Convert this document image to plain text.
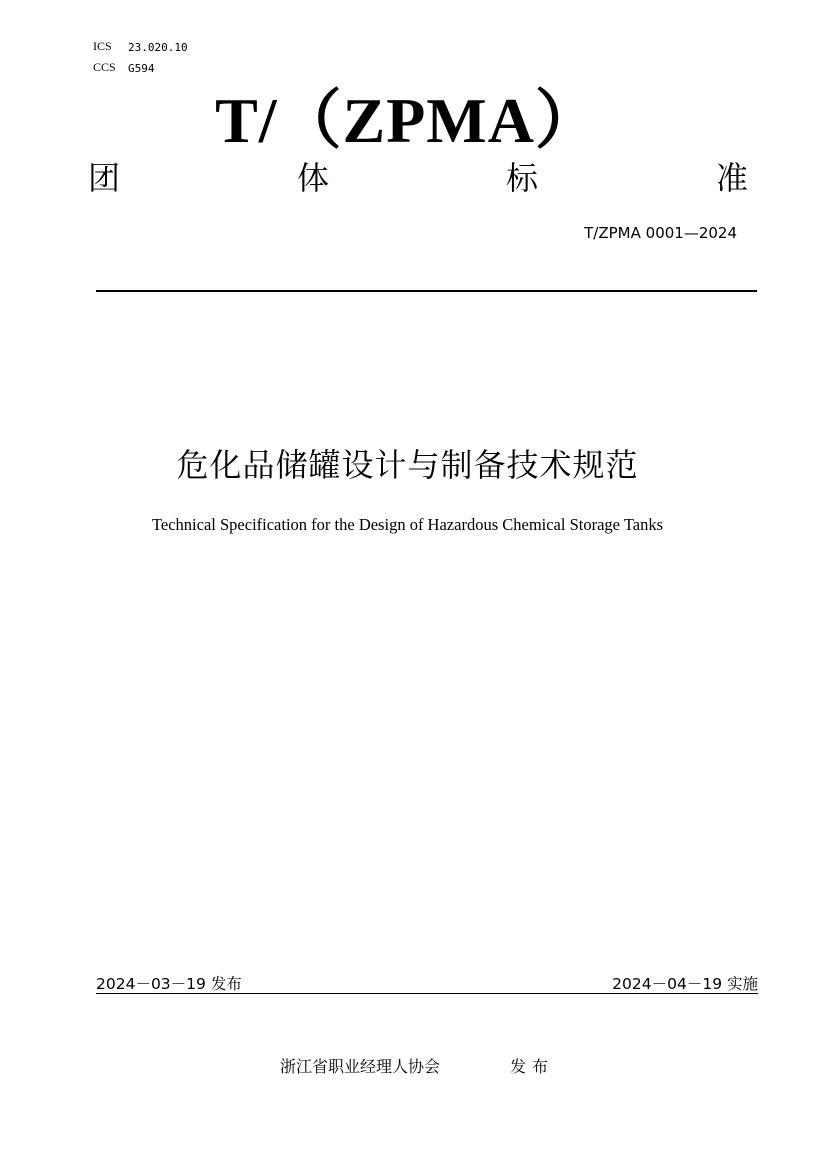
ICS 23.020.10
CCS G594
T/（ZPMA）
团	体	标	准
T/ZPMA 0001—2024
危化品储罐设计与制备技术规范
Technical Specification for the Design of Hazardous Chemical Storage Tanks
2024－03－19 发布	2024－04－19 实施
浙江省职业经理人协会	发布
